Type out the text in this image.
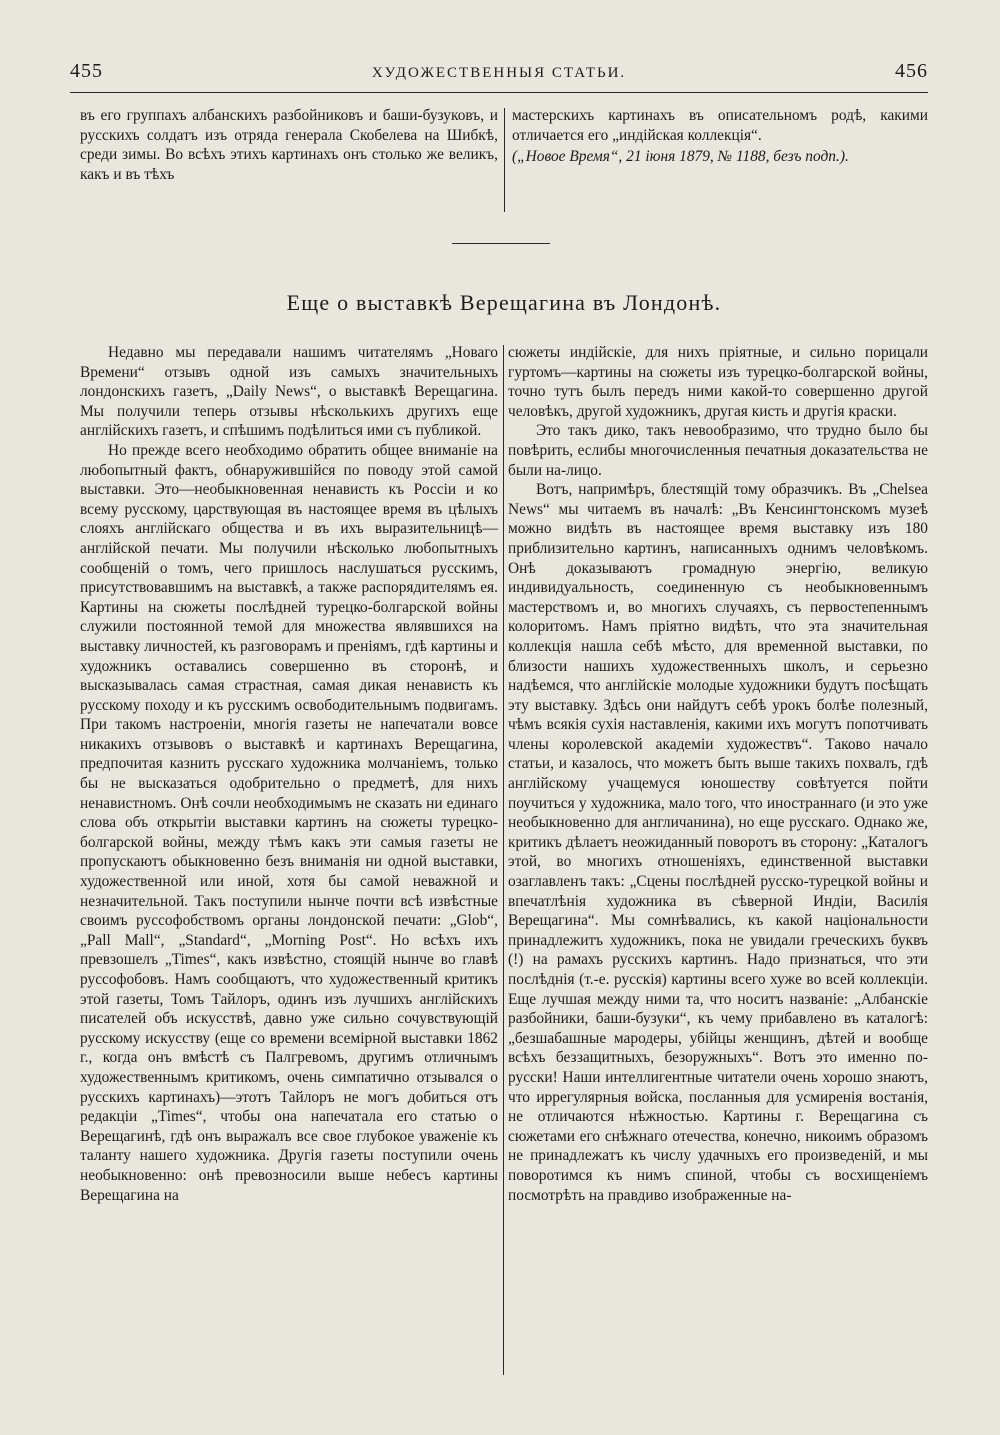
455	ХУДОЖЕСТВЕННЫЯ СТАТЬИ.	456

въ его группахъ албанскихъ разбойниковъ и баши-бузуковъ, и русскихъ солдатъ изъ отряда генерала Скобелева на Шибкѣ, среди зимы. Во всѣхъ этихъ картинахъ онъ столько же великъ, какъ и въ тѣхъ

мастерскихъ картинахъ въ описательномъ родѣ, какими отличается его „индійская коллекція“.

(„Новое Время“, 21 іюня 1879, № 1188, безъ подп.).

Еще о выставкѣ Верещагина въ Лондонѣ.

Недавно мы передавали нашимъ читателямъ „Новаго Времени“ отзывъ одной изъ самыхъ значительныхъ лондонскихъ газетъ, „Daily News“, о выставкѣ Верещагина. Мы получили теперь отзывы нѣсколькихъ другихъ еще англійскихъ газетъ, и спѣшимъ подѣлиться ими съ публикой.

Но прежде всего необходимо обратить общее вниманіе на любопытный фактъ, обнаружившійся по поводу этой самой выставки. Это—необыкновенная ненависть къ Россіи и ко всему русскому, царствующая въ настоящее время въ цѣлыхъ слояхъ англійскаго общества и въ ихъ выразительницѣ—англійской печати. Мы получили нѣсколько любопытныхъ сообщеній о томъ, чего пришлось наслушаться русскимъ, присутствовавшимъ на выставкѣ, а также распорядителямъ ея. Картины на сюжеты послѣдней турецко-болгарской войны служили постоянной темой для множества являвшихся на выставку личностей, къ разговорамъ и преніямъ, гдѣ картины и художникъ оставались совершенно въ сторонѣ, и высказывалась самая страстная, самая дикая ненависть къ русскому походу и къ русскимъ освободительнымъ подвигамъ. При такомъ настроеніи, многія газеты не напечатали вовсе никакихъ отзывовъ о выставкѣ и картинахъ Верещагина, предпочитая казнить русскаго художника молчаніемъ, только бы не высказаться одобрительно о предметѣ, для нихъ ненавистномъ. Онѣ сочли необходимымъ не сказать ни единаго слова объ открытіи выставки картинъ на сюжеты турецко-болгарской войны, между тѣмъ какъ эти самыя газеты не пропускаютъ обыкновенно безъ вниманія ни одной выставки, художественной или иной, хотя бы самой неважной и незначительной. Такъ поступили нынче почти всѣ извѣстные своимъ руссофобствомъ органы лондонской печати: „Glob“, „Pall Mall“, „Standard“, „Morning Post“. Но всѣхъ ихъ превзошелъ „Times“, какъ извѣстно, стоящій нынче во главѣ руссофобовъ. Намъ сообщаютъ, что художественный критикъ этой газеты, Томъ Тайлоръ, одинъ изъ лучшихъ англійскихъ писателей объ искусствѣ, давно уже сильно сочувствующій русскому искусству (еще со времени всемірной выставки 1862 г., когда онъ вмѣстѣ съ Палгревомъ, другимъ отличнымъ художественнымъ критикомъ, очень симпатично отзывался о русскихъ картинахъ)—этотъ Тайлоръ не могъ добиться отъ редакціи „Times“, чтобы она напечатала его статью о Верещагинѣ, гдѣ онъ выражалъ все свое глубокое уваженіе къ таланту нашего художника. Другія газеты поступили очень необыкновенно: онѣ превозносили выше небесъ картины Верещагина на

сюжеты индійскіе, для нихъ пріятные, и сильно порицали гуртомъ—картины на сюжеты изъ турецко-болгарской войны, точно тутъ былъ передъ ними какой-то совершенно другой человѣкъ, другой художникъ, другая кисть и другія краски.

Это такъ дико, такъ невообразимо, что трудно было бы повѣрить, еслибы многочисленныя печатныя доказательства не были на-лицо.

Вотъ, напримѣръ, блестящій тому образчикъ. Въ „Chelsea News“ мы читаемъ въ началѣ: „Въ Кенсингтонскомъ музеѣ можно видѣть въ настоящее время выставку изъ 180 приблизительно картинъ, написанныхъ однимъ человѣкомъ. Онѣ доказываютъ громадную энергію, великую индивидуальность, соединенную съ необыкновеннымъ мастерствомъ и, во многихъ случаяхъ, съ первостепеннымъ колоритомъ. Намъ пріятно видѣть, что эта значительная коллекція нашла себѣ мѣсто, для временной выставки, по близости нашихъ художественныхъ школъ, и серьезно надѣемся, что англійскіе молодые художники будутъ посѣщать эту выставку. Здѣсь они найдутъ себѣ урокъ болѣе полезный, чѣмъ всякія сухія наставленія, какими ихъ могутъ попотчивать члены королевской академіи художествъ“. Таково начало статьи, и казалось, что можетъ быть выше такихъ похвалъ, гдѣ англійскому учащемуся юношеству совѣтуется пойти поучиться у художника, мало того, что иностраннаго (и это уже необыкновенно для англичанина), но еще русскаго. Однако же, критикъ дѣлаетъ неожиданный поворотъ въ сторону: „Каталогъ этой, во многихъ отношеніяхъ, единственной выставки озаглавленъ такъ: „Сцены послѣдней русско-турецкой войны и впечатлѣнія художника въ сѣверной Индіи, Василія Верещагина“. Мы сомнѣвались, къ какой національности принадлежитъ художникъ, пока не увидали греческихъ буквъ (!) на рамахъ русскихъ картинъ. Надо признаться, что эти послѣднія (т.-е. русскія) картины всего хуже во всей коллекціи. Еще лучшая между ними та, что носитъ названіе: „Албанскіе разбойники, баши-бузуки“, къ чему прибавлено въ каталогѣ: „безшабашные мародеры, убійцы женщинъ, дѣтей и вообще всѣхъ беззащитныхъ, безоружныхъ“. Вотъ это именно по-русски! Наши интеллигентные читатели очень хорошо знаютъ, что иррегулярныя войска, посланныя для усмиренія востанія, не отличаются нѣжностью. Картины г. Верещагина съ сюжетами его снѣжнаго отечества, конечно, никоимъ образомъ не принадлежатъ къ числу удачныхъ его произведеній, и мы поворотимся къ нимъ спиной, чтобы съ восхищеніемъ посмотрѣть на правдиво изображенные на-
